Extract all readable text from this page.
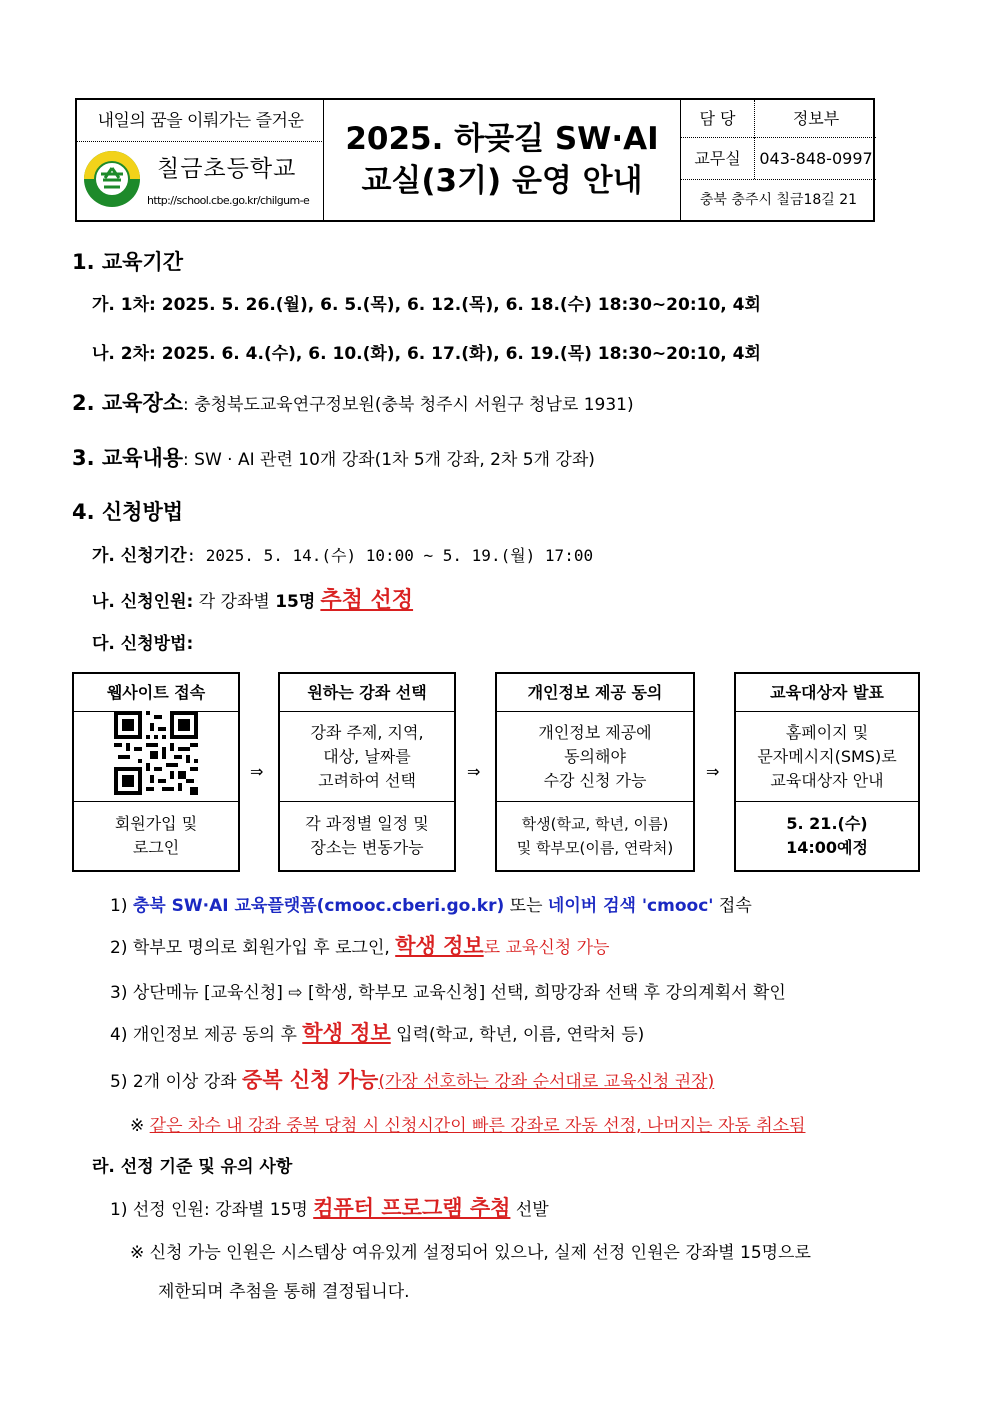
내일의 꿈을 이뤄가는 즐거운
칠금초등학교
http://school.cbe.go.kr/chilgum-e
2025. 하곶길 SW·AI
교실(3기) 운영 안내
담 당	정보부
교무실	043-848-0997
충북 충주시 칠금18길 21
1. 교육기간
가. 1차: 2025. 5. 26.(월), 6. 5.(목), 6. 12.(목), 6. 18.(수) 18:30~20:10, 4회
나. 2차: 2025. 6. 4.(수), 6. 10.(화), 6. 17.(화), 6. 19.(목) 18:30~20:10, 4회
2. 교육장소: 충청북도교육연구정보원(충북 청주시 서원구 청남로 1931)
3. 교육내용: SW · AI 관련 10개 강좌(1차 5개 강좌, 2차 5개 강좌)
4. 신청방법
가. 신청기간: 2025. 5. 14.(수) 10:00 ~ 5. 19.(월) 17:00
나. 신청인원: 각 강좌별 15명 추첨 선정
다. 신청방법:
웹사이트 접속
회원가입 및
로그인
⇒
원하는 강좌 선택
강좌 주제, 지역,
대상, 날짜를
고려하여 선택
각 과정별 일정 및
장소는 변동가능
⇒
개인정보 제공 동의
개인정보 제공에
동의해야
수강 신청 가능
학생(학교, 학년, 이름)
및 학부모(이름, 연락처)
⇒
교육대상자 발표
홈페이지 및
문자메시지(SMS)로
교육대상자 안내
5. 21.(수)
14:00예정
1) 충북 SW·AI 교육플랫폼(cmooc.cberi.go.kr) 또는 네이버 검색 'cmooc' 접속
2) 학부모 명의로 회원가입 후 로그인, 학생 정보로 교육신청 가능
3) 상단메뉴 [교육신청] ⇨ [학생, 학부모 교육신청] 선택, 희망강좌 선택 후 강의계획서 확인
4) 개인정보 제공 동의 후 학생 정보 입력(학교, 학년, 이름, 연락처 등)
5) 2개 이상 강좌 중복 신청 가능(가장 선호하는 강좌 순서대로 교육신청 권장)
※ 같은 차수 내 강좌 중복 당첨 시 신청시간이 빠른 강좌로 자동 선정, 나머지는 자동 취소됨
라. 선정 기준 및 유의 사항
1) 선정 인원: 강좌별 15명 컴퓨터 프로그램 추첨 선발
※ 신청 가능 인원은 시스템상 여유있게 설정되어 있으나, 실제 선정 인원은 강좌별 15명으로
제한되며 추첨을 통해 결정됩니다.
